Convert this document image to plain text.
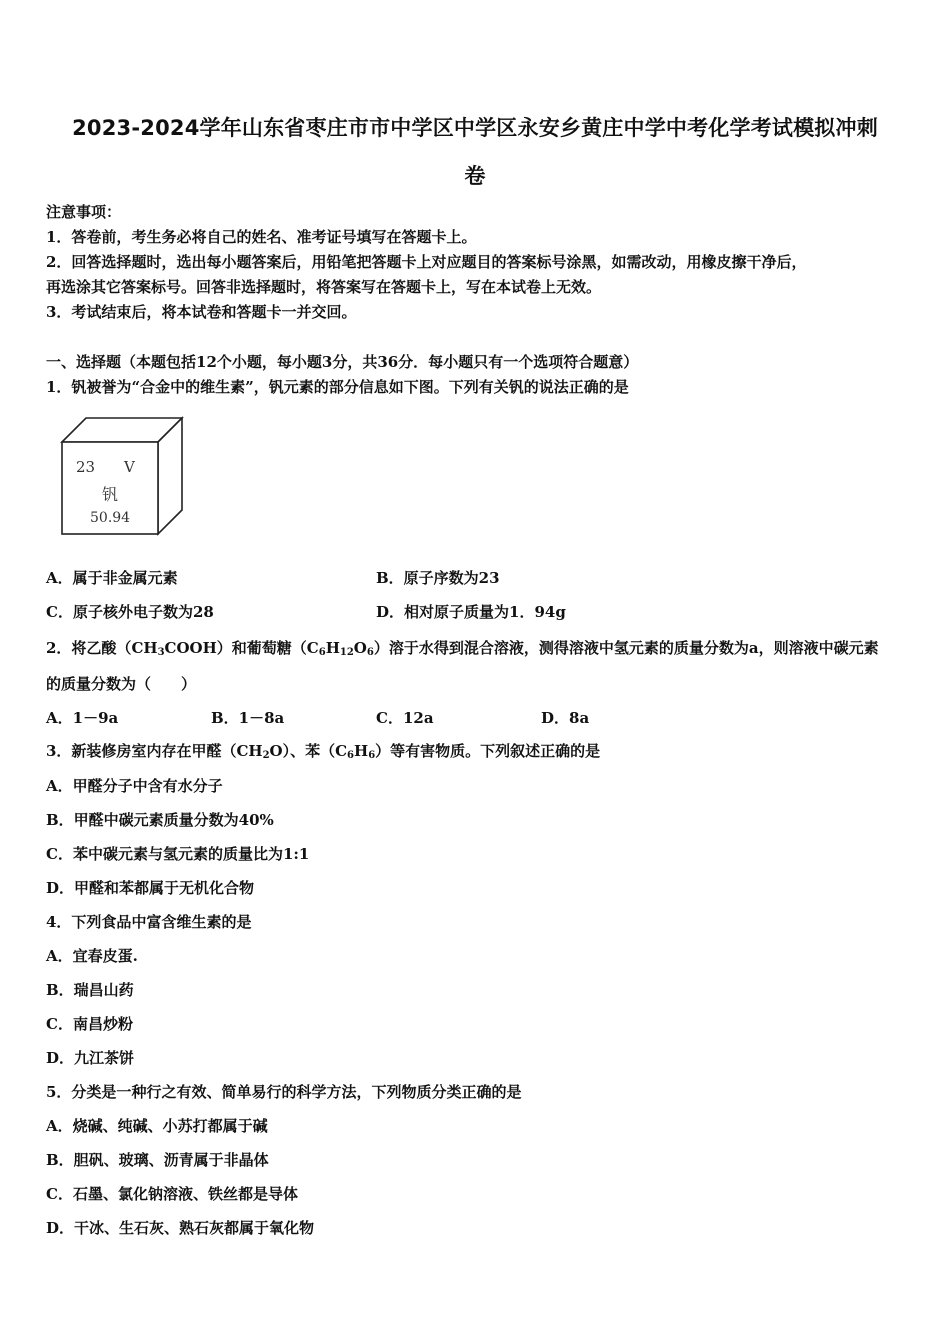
2023-2024学年山东省枣庄市市中学区中学区永安乡黄庄中学中考化学考试模拟冲刺
卷
注意事项：
1．答卷前，考生务必将自己的姓名、准考证号填写在答题卡上。
2．回答选择题时，选出每小题答案后，用铅笔把答题卡上对应题目的答案标号涂黑，如需改动，用橡皮擦干净后，
再选涂其它答案标号。回答非选择题时，将答案写在答题卡上，写在本试卷上无效。
3．考试结束后，将本试卷和答题卡一并交回。
一、选择题（本题包括12个小题，每小题3分，共36分．每小题只有一个选项符合题意）
1．钒被誉为“合金中的维生素”，钒元素的部分信息如下图。下列有关钒的说法正确的是
23 V
钒
50.94
A．属于非金属元素	B．原子序数为23
C．原子核外电子数为28	D．相对原子质量为1．94g
2．将乙酸$(CH_3COOH)$和葡萄糖$(C_6H_{12}O_6)$溶于水得到混合溶液，测得溶液中氢元素的质量分数为a，则溶液中碳元素
的质量分数为（　　）
A．1－9a	B．1－8a	C．12a	D．8a
3．新装修房室内存在甲醛$(CH_2O)$、苯$(C_6H_6)$等有害物质。下列叙述正确的是
A．甲醛分子中含有水分子
B．甲醛中碳元素质量分数为40%
C．苯中碳元素与氢元素的质量比为1:1
D．甲醛和苯都属于无机化合物
4．下列食品中富含维生素的是
A．宜春皮蛋.
B．瑞昌山药
C．南昌炒粉
D．九江茶饼
5．分类是一种行之有效、简单易行的科学方法，下列物质分类正确的是
A．烧碱、纯碱、小苏打都属于碱
B．胆矾、玻璃、沥青属于非晶体
C．石墨、氯化钠溶液、铁丝都是导体
D．干冰、生石灰、熟石灰都属于氧化物
